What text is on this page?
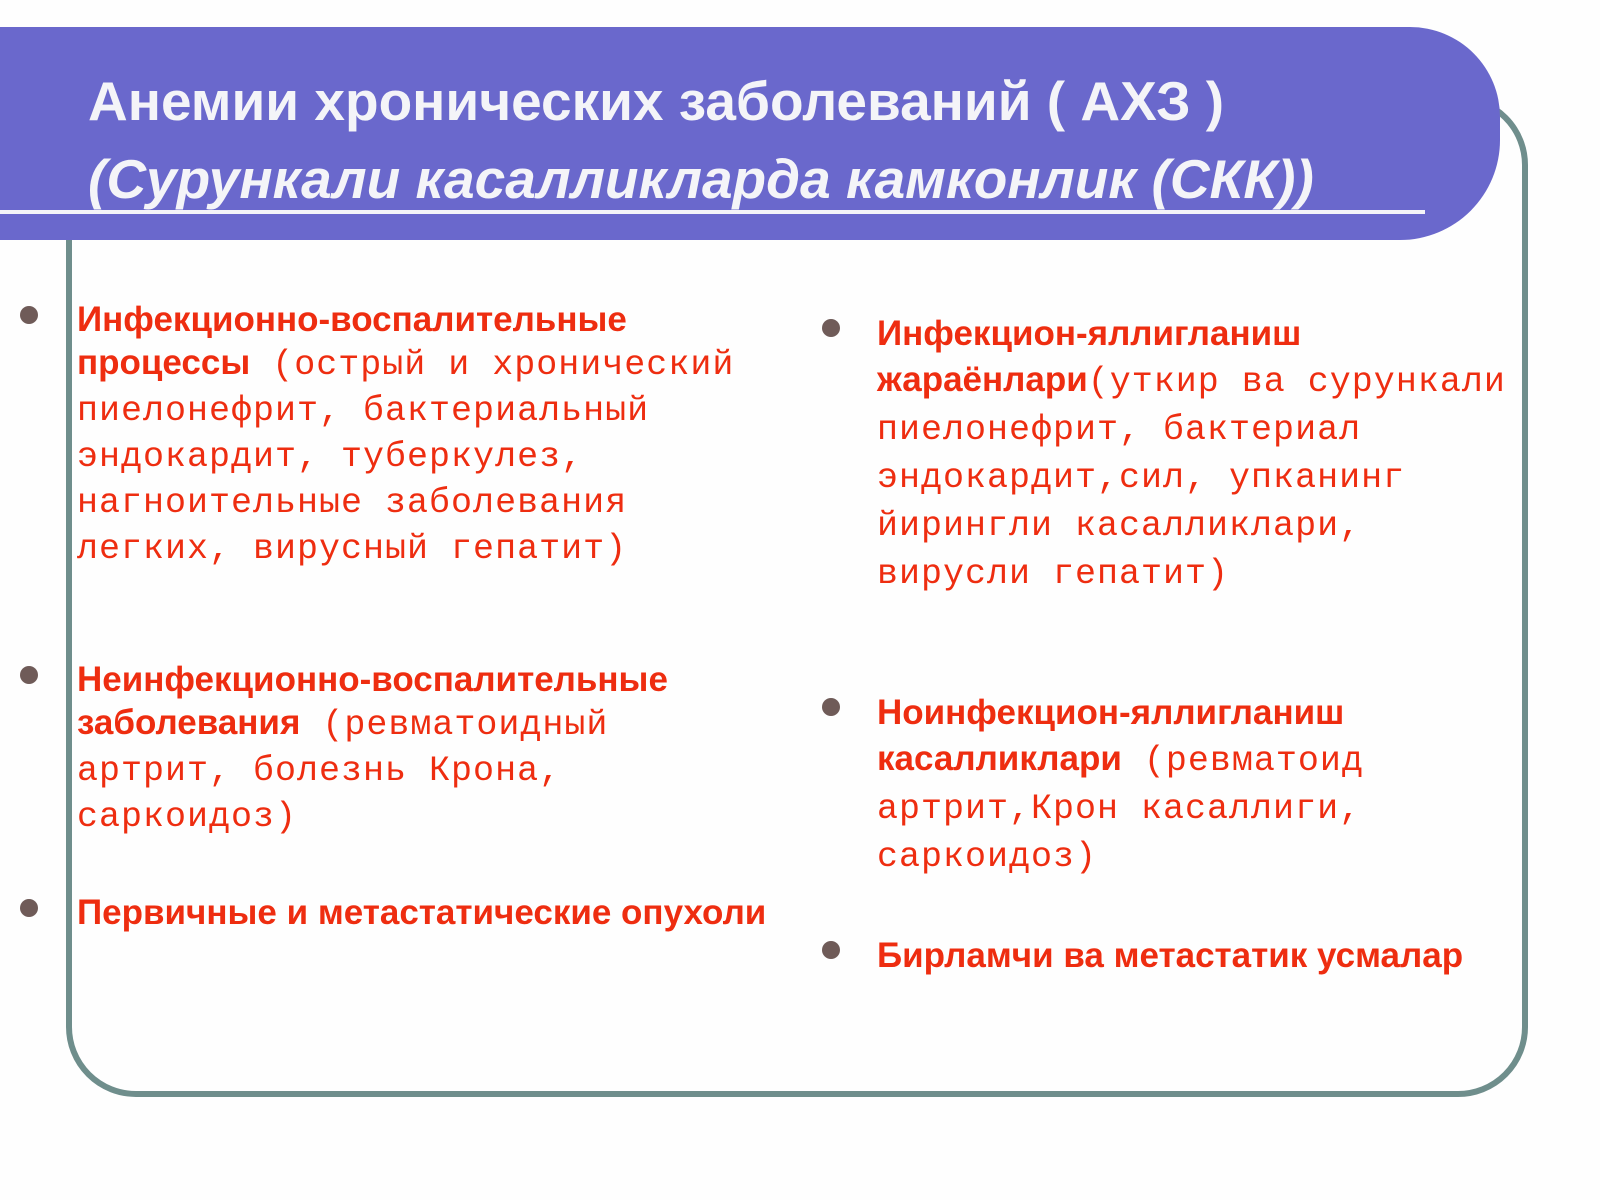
Анемии хронических заболеваний ( АХЗ )
(Сурункали касалликларда камконлик (СКК))

Инфекционно-воспалительные процессы (острый и хронический пиелонефрит, бактериальный эндокардит, туберкулез, нагноительные заболевания легких, вирусный гепатит)

Неинфекционно-воспалительные заболевания (ревматоидный артрит, болезнь Крона, саркоидоз)

Первичные и метастатические опухоли

Инфекцион-яллигланиш жараёнлари(уткир ва сурункали пиелонефрит, бактериал эндокардит,сил, упканинг йирингли касалликлари, вирусли гепатит)

Ноинфекцион-яллигланиш касалликлари (ревматоид артрит,Крон касаллиги, саркоидоз)

Бирламчи ва метастатик усмалар
